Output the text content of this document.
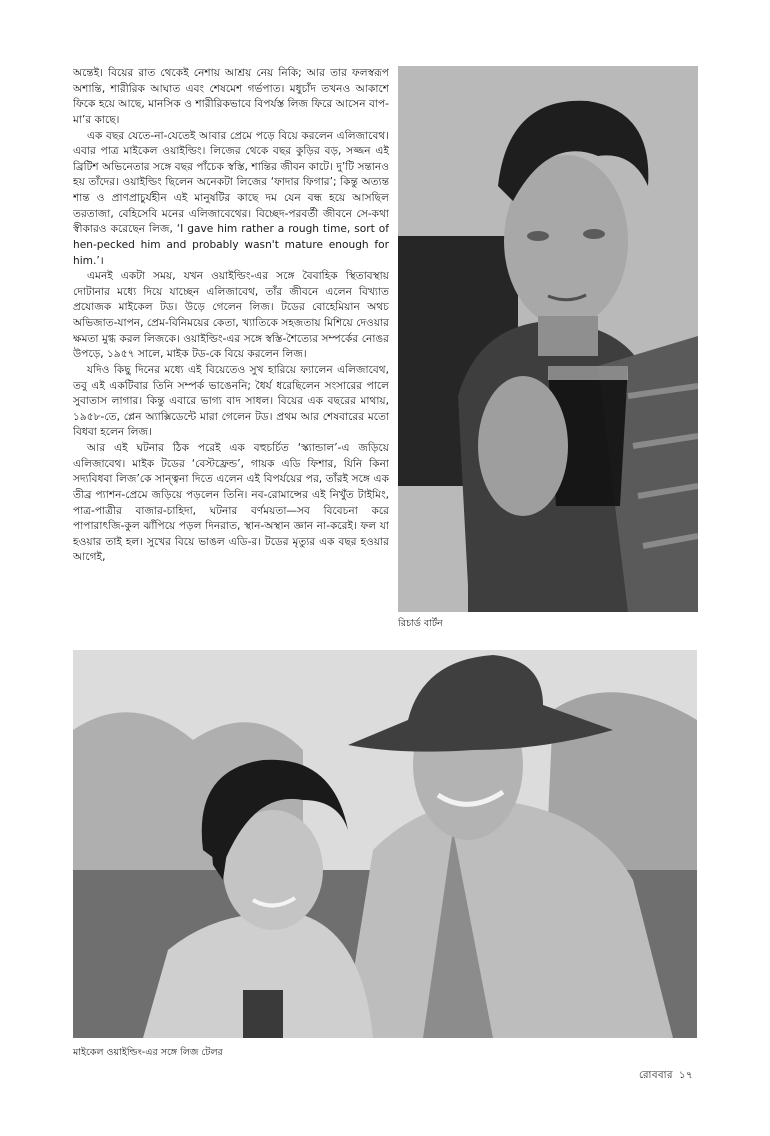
অন্তেই। বিয়ের রাত থেকেই নেশায় আশ্রয় নেয় নিকি; আর তার ফলস্বরূপ অশান্তি, শারীরিক আঘাত এবং শেষমেশ গর্ভপাত। মধুচাঁদ তখনও আকাশে ফিকে হয়ে আছে, মানসিক ও শারীরিকভাবে বিপর্যস্ত লিজ ফিরে আসেন বাপ-মা’র কাছে।

এক বছর যেতে-না-যেতেই আবার প্রেমে পড়ে বিয়ে করলেন এলিজাবেথ। এবার পাত্র মাইকেল ওয়াইল্ডিং। লিজের থেকে বছর কুড়ির বড়, সজ্জন এই ব্রিটিশ অভিনেতার সঙ্গে বছর পাঁচেক স্বস্তি, শান্তির জীবন কাটে। দু’টি সন্তানও হয় তাঁদের। ওয়াইল্ডিং ছিলেন অনেকটা লিজের ‘ফাদার ফিগার’; কিন্তু অত্যন্ত শান্ত ও প্রাণপ্রাচুর্যহীন এই মানুষটির কাছে দম যেন বন্ধ হয়ে আসছিল তরতাজা, বেহিসেবি মনের এলিজাবেথের। বিচ্ছেদ-পরবর্তী জীবনে সে-কথা স্বীকারও করেছেন লিজ, ‘I gave him rather a rough time, sort of hen-pecked him and probably wasn't mature enough for him.’।

এমনই একটা সময়, যখন ওয়াইল্ডিং-এর সঙ্গে বৈবাহিক স্থিতাবস্থায় দোটানার মধ্যে দিয়ে যাচ্ছেন এলিজাবেথ, তাঁর জীবনে এলেন বিখ্যাত প্রযোজক মাইকেল টড। উড়ে গেলেন লিজ। টডের বোহেমিয়ান অথচ অভিজাত-যাপন, প্রেম-বিনিময়ের কেতা, খ্যাতিকে সহজতায় মিশিয়ে দেওয়ার ক্ষমতা মুগ্ধ করল লিজকে। ওয়াইল্ডিং-এর সঙ্গে স্বস্তি-শৈত্যের সম্পর্কের নোঙর উপড়ে, ১৯৫৭ সালে, মাইক টড-কে বিয়ে করলেন লিজ।

যদিও কিছু দিনের মধ্যে এই বিয়েতেও সুখ হারিয়ে ফ্যালেন এলিজাবেথ, তবু এই একটিবার তিনি সম্পর্ক ভাঙেননি; ধৈর্য ধরেছিলেন সংসারের পালে সুবাতাস লাগার। কিন্তু এবারে ভাগ্য বাদ সাধল। বিয়ের এক বছরের মাথায়, ১৯৫৮-তে, প্লেন অ্যাক্সিডেন্টে মারা গেলেন টড। প্রথম আর শেষবারের মতো বিধবা হলেন লিজ।

আর এই ঘটনার ঠিক পরেই এক বহুচর্চিত ‘স্ক্যান্ডাল’-এ জড়িয়ে এলিজাবেথ। মাইক টডের ‘বেস্টফ্রেন্ড’, গায়ক এডি ফিশার, যিনি কিনা সদ্যবিধবা লিজ’কে সান্ত্বনা দিতে এলেন এই বিপর্যয়ের পর, তাঁরই সঙ্গে এক তীব্র প্যাশন-প্রেমে জড়িয়ে পড়লেন তিনি। নব-রোমান্সের এই নিখুঁত টাইমিং, পাত্র-পাত্রীর বাজার-চাহিদা, ঘটনার বর্ণময়তা—সব বিবেচনা করে পাপারাৎজি-কুল ঝাঁপিয়ে পড়ল দিনরাত, স্থান-অস্থান জ্ঞান না-করেই। ফল যা হওয়ার তাই হল। সুখের বিয়ে ভাঙল এডি-র। টডের মৃত্যুর এক বছর হওয়ার আগেই,

রিচার্ড বার্টন
মাইকেল ওয়াইল্ডিং-এর সঙ্গে লিজ টেলর
রোববার ১৭
